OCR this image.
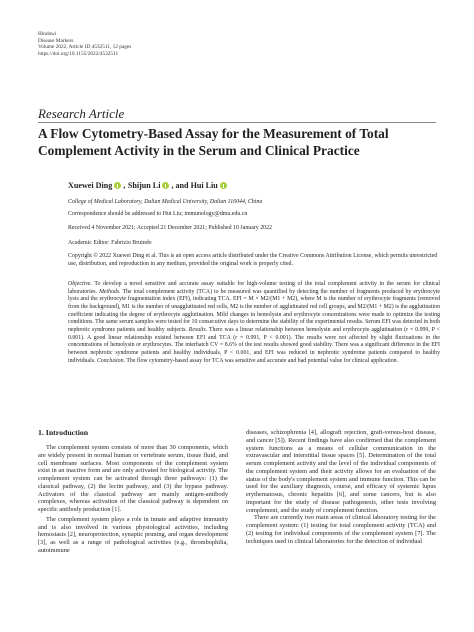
Hindawi
Disease Markers
Volume 2022, Article ID 4532511, 12 pages
https://doi.org/10.1155/2022/4532511
Research Article
A Flow Cytometry-Based Assay for the Measurement of Total Complement Activity in the Serum and Clinical Practice
Xuewei Ding , Shijun Li , and Hui Liu
College of Medical Laboratory, Dalian Medical University, Dalian 116044, China
Correspondence should be addressed to Hui Liu; immunology@dmu.edu.cn
Received 4 November 2021; Accepted 21 December 2021; Published 10 January 2022
Academic Editor: Fabrizio Bruindo
Copyright © 2022 Xuewei Ding et al. This is an open access article distributed under the Creative Commons Attribution License, which permits unrestricted use, distribution, and reproduction in any medium, provided the original work is properly cited.
Objective. To develop a novel sensitive and accurate assay suitable for high-volume testing of the total complement activity in the serum for clinical laboratories. Methods. The total complement activity (TCA) to be measured was quantified by detecting the number of fragments produced by erythrocyte lysis and the erythrocyte fragmentation index (EFI), indicating TCA. EFI = M × M2/(M1 + M2), where M is the number of erythrocyte fragments (removed from the background), M1 is the number of unagglutinated red cells, M2 is the number of agglutinated red cell groups, and M2/(M1 + M2) is the agglutination coefficient indicating the degree of erythrocyte agglutination. Mild changes in hemolysin and erythrocyte concentrations were made to optimize the testing conditions. The same serum samples were tested for 10 consecutive days to determine the stability of the experimental results. Serum EFI was detected in both nephrotic syndrome patients and healthy subjects. Results. There was a linear relationship between hemolysin and erythrocyte agglutination (r = 0.999, P < 0.001). A good linear relationship existed between EFI and TCA (r = 0.991, P < 0.001). The results were not affected by slight fluctuations in the concentrations of hemolysin or erythrocytes. The interbatch CV = 8.6% of the test results showed good stability. There was a significant difference in the EFI between nephrotic syndrome patients and healthy individuals, P < 0.001, and EFI was reduced in nephrotic syndrome patients compared to healthy individuals. Conclusion. The flow cytometry-based assay for TCA was sensitive and accurate and had potential value for clinical application.
1. Introduction

The complement system consists of more than 30 components, which are widely present in normal human or vertebrate serum, tissue fluid, and cell membrane surfaces. Most components of the complement system exist in an inactive form and are only activated for biological activity. The complement system can be activated through three pathways: (1) the classical pathway, (2) the lectin pathway, and (3) the bypass pathway. Activators of the classical pathway are mainly antigen-antibody complexes, whereas activation of the classical pathway is dependent on specific antibody production [1].

The complement system plays a role in innate and adaptive immunity and is also involved in various physiological activities, including hemostasis [2], neuroprotection, synaptic pruning, and organ development [3], as well as a range of pathological activities (e.g., thrombophilia, autoimmune

diseases, schizophrenia [4], allograft rejection, graft-versus-host disease, and cancer [5]). Recent findings have also confirmed that the complement system functions as a means of cellular communication in the extravascular and interstitial tissue spaces [5]. Determination of the total serum complement activity and the level of the individual components of the complement system and their activity allows for an evaluation of the status of the body's complement system and immune function. This can be used for the auxiliary diagnosis, course, and efficacy of systemic lupus erythematosus, chronic hepatitis [6], and some cancers, but is also important for the study of disease pathogenesis, other tests involving complement, and the study of complement function.

There are currently two main areas of clinical laboratory testing for the complement system: (1) testing for total complement activity (TCA) and (2) testing for individual components of the complement system [7]. The techniques used in clinical laboratories for the detection of individual
